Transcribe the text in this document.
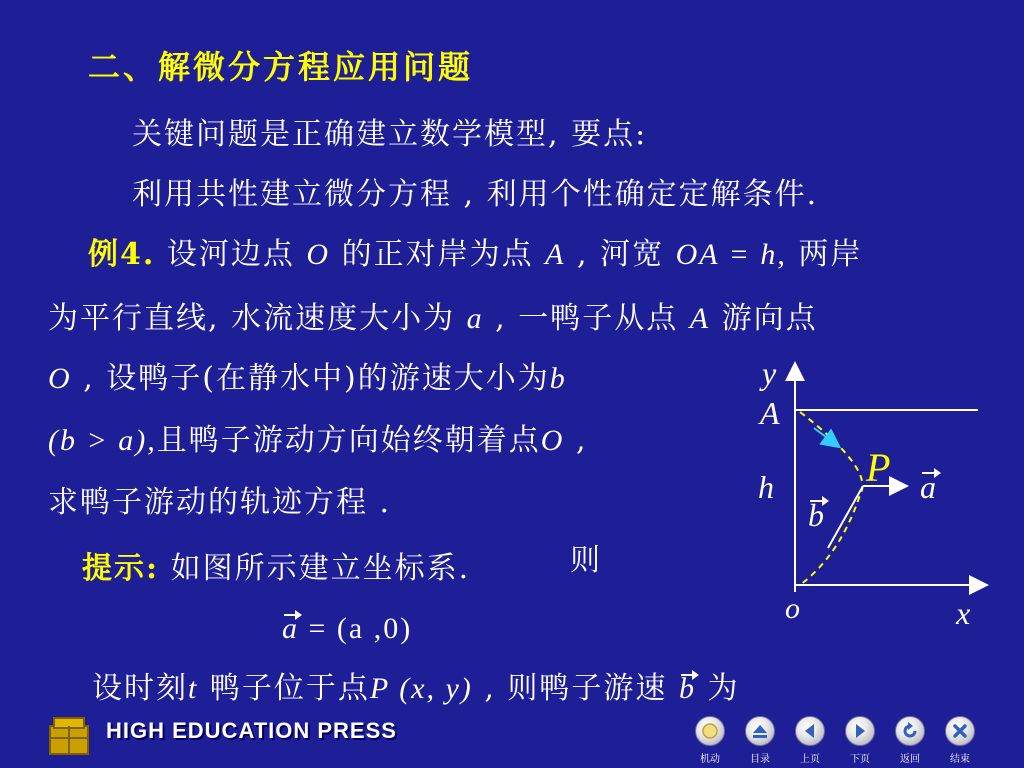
二、解微分方程应用问题
关键问题是正确建立数学模型, 要点:
利用共性建立微分方程 , 利用个性确定定解条件.
例4. 设河边点 O 的正对岸为点 A , 河宽 OA = h, 两岸
为平行直线, 水流速度大小为 a , 一鸭子从点 A 游向点
O , 设鸭子(在静水中)的游速大小为b
(b > a),且鸭子游动方向始终朝着点O ,
求鸭子游动的轨迹方程 .
提示: 如图所示建立坐标系.	则
a = (a ,0)
设时刻t 鸭子位于点P (x, y) , 则鸭子游速 b 为
y
A
h P a
b
o	x
HIGH EDUCATION PRESS
机动	目录	上页	下页	返回	结束
